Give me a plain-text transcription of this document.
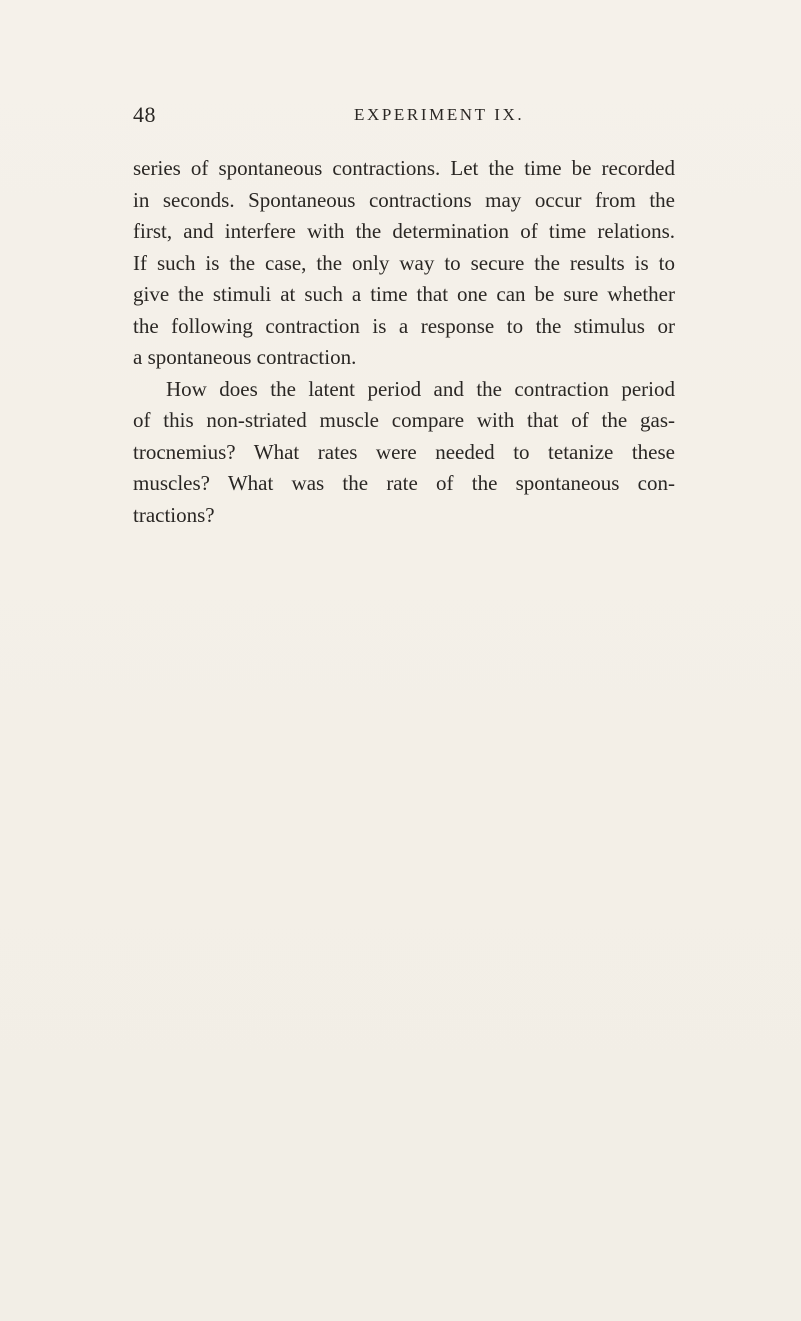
48	EXPERIMENT IX.

series of spontaneous contractions. Let the time be recorded
in seconds. Spontaneous contractions may occur from the
first, and interfere with the determination of time relations.
If such is the case, the only way to secure the results is to
give the stimuli at such a time that one can be sure whether
the following contraction is a response to the stimulus or
a spontaneous contraction.

How does the latent period and the contraction period
of this non-striated muscle compare with that of the gas-
trocnemius? What rates were needed to tetanize these
muscles? What was the rate of the spontaneous con-
tractions?
